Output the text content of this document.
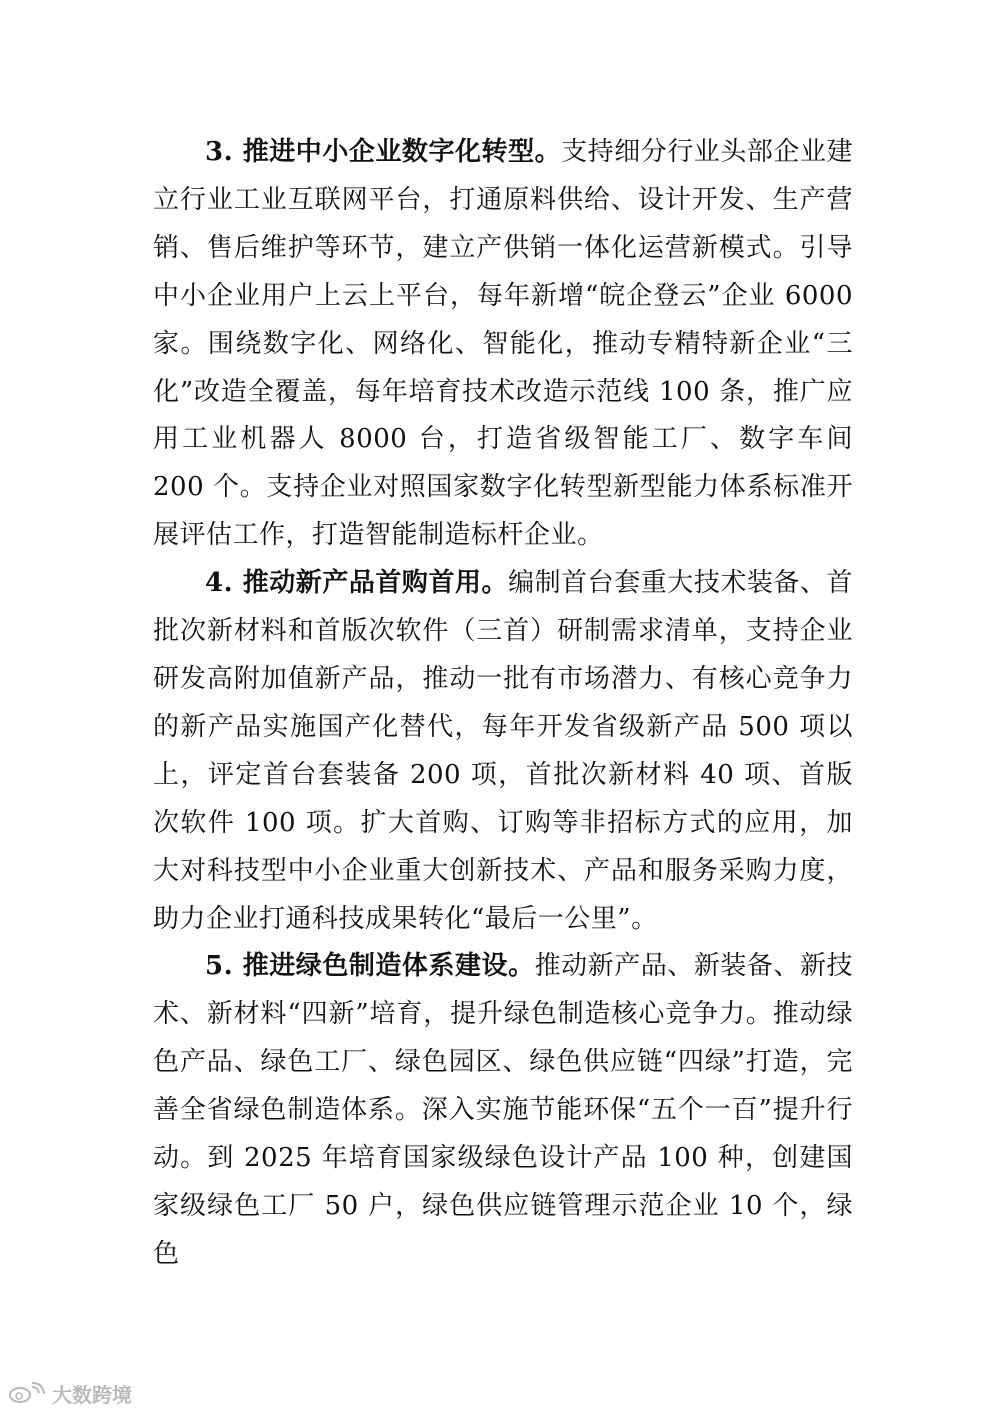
3. 推进中小企业数字化转型。支持细分行业头部企业建立行业工业互联网平台，打通原料供给、设计开发、生产营销、售后维护等环节，建立产供销一体化运营新模式。引导中小企业用户上云上平台，每年新增“皖企登云”企业 6000家。围绕数字化、网络化、智能化，推动专精特新企业“三化”改造全覆盖，每年培育技术改造示范线 100 条，推广应用工业机器人 8000 台，打造省级智能工厂、数字车间 200 个。支持企业对照国家数字化转型新型能力体系标准开展评估工作，打造智能制造标杆企业。

4. 推动新产品首购首用。编制首台套重大技术装备、首批次新材料和首版次软件（三首）研制需求清单，支持企业研发高附加值新产品，推动一批有市场潜力、有核心竞争力的新产品实施国产化替代，每年开发省级新产品 500 项以上，评定首台套装备 200 项，首批次新材料 40 项、首版次软件 100 项。扩大首购、订购等非招标方式的应用，加大对科技型中小企业重大创新技术、产品和服务采购力度，助力企业打通科技成果转化“最后一公里”。

5. 推进绿色制造体系建设。推动新产品、新装备、新技术、新材料“四新”培育，提升绿色制造核心竞争力。推动绿色产品、绿色工厂、绿色园区、绿色供应链“四绿”打造，完善全省绿色制造体系。深入实施节能环保“五个一百”提升行动。到 2025 年培育国家级绿色设计产品 100 种，创建国家级绿色工厂 50 户，绿色供应链管理示范企业 10 个，绿色

大数跨境
